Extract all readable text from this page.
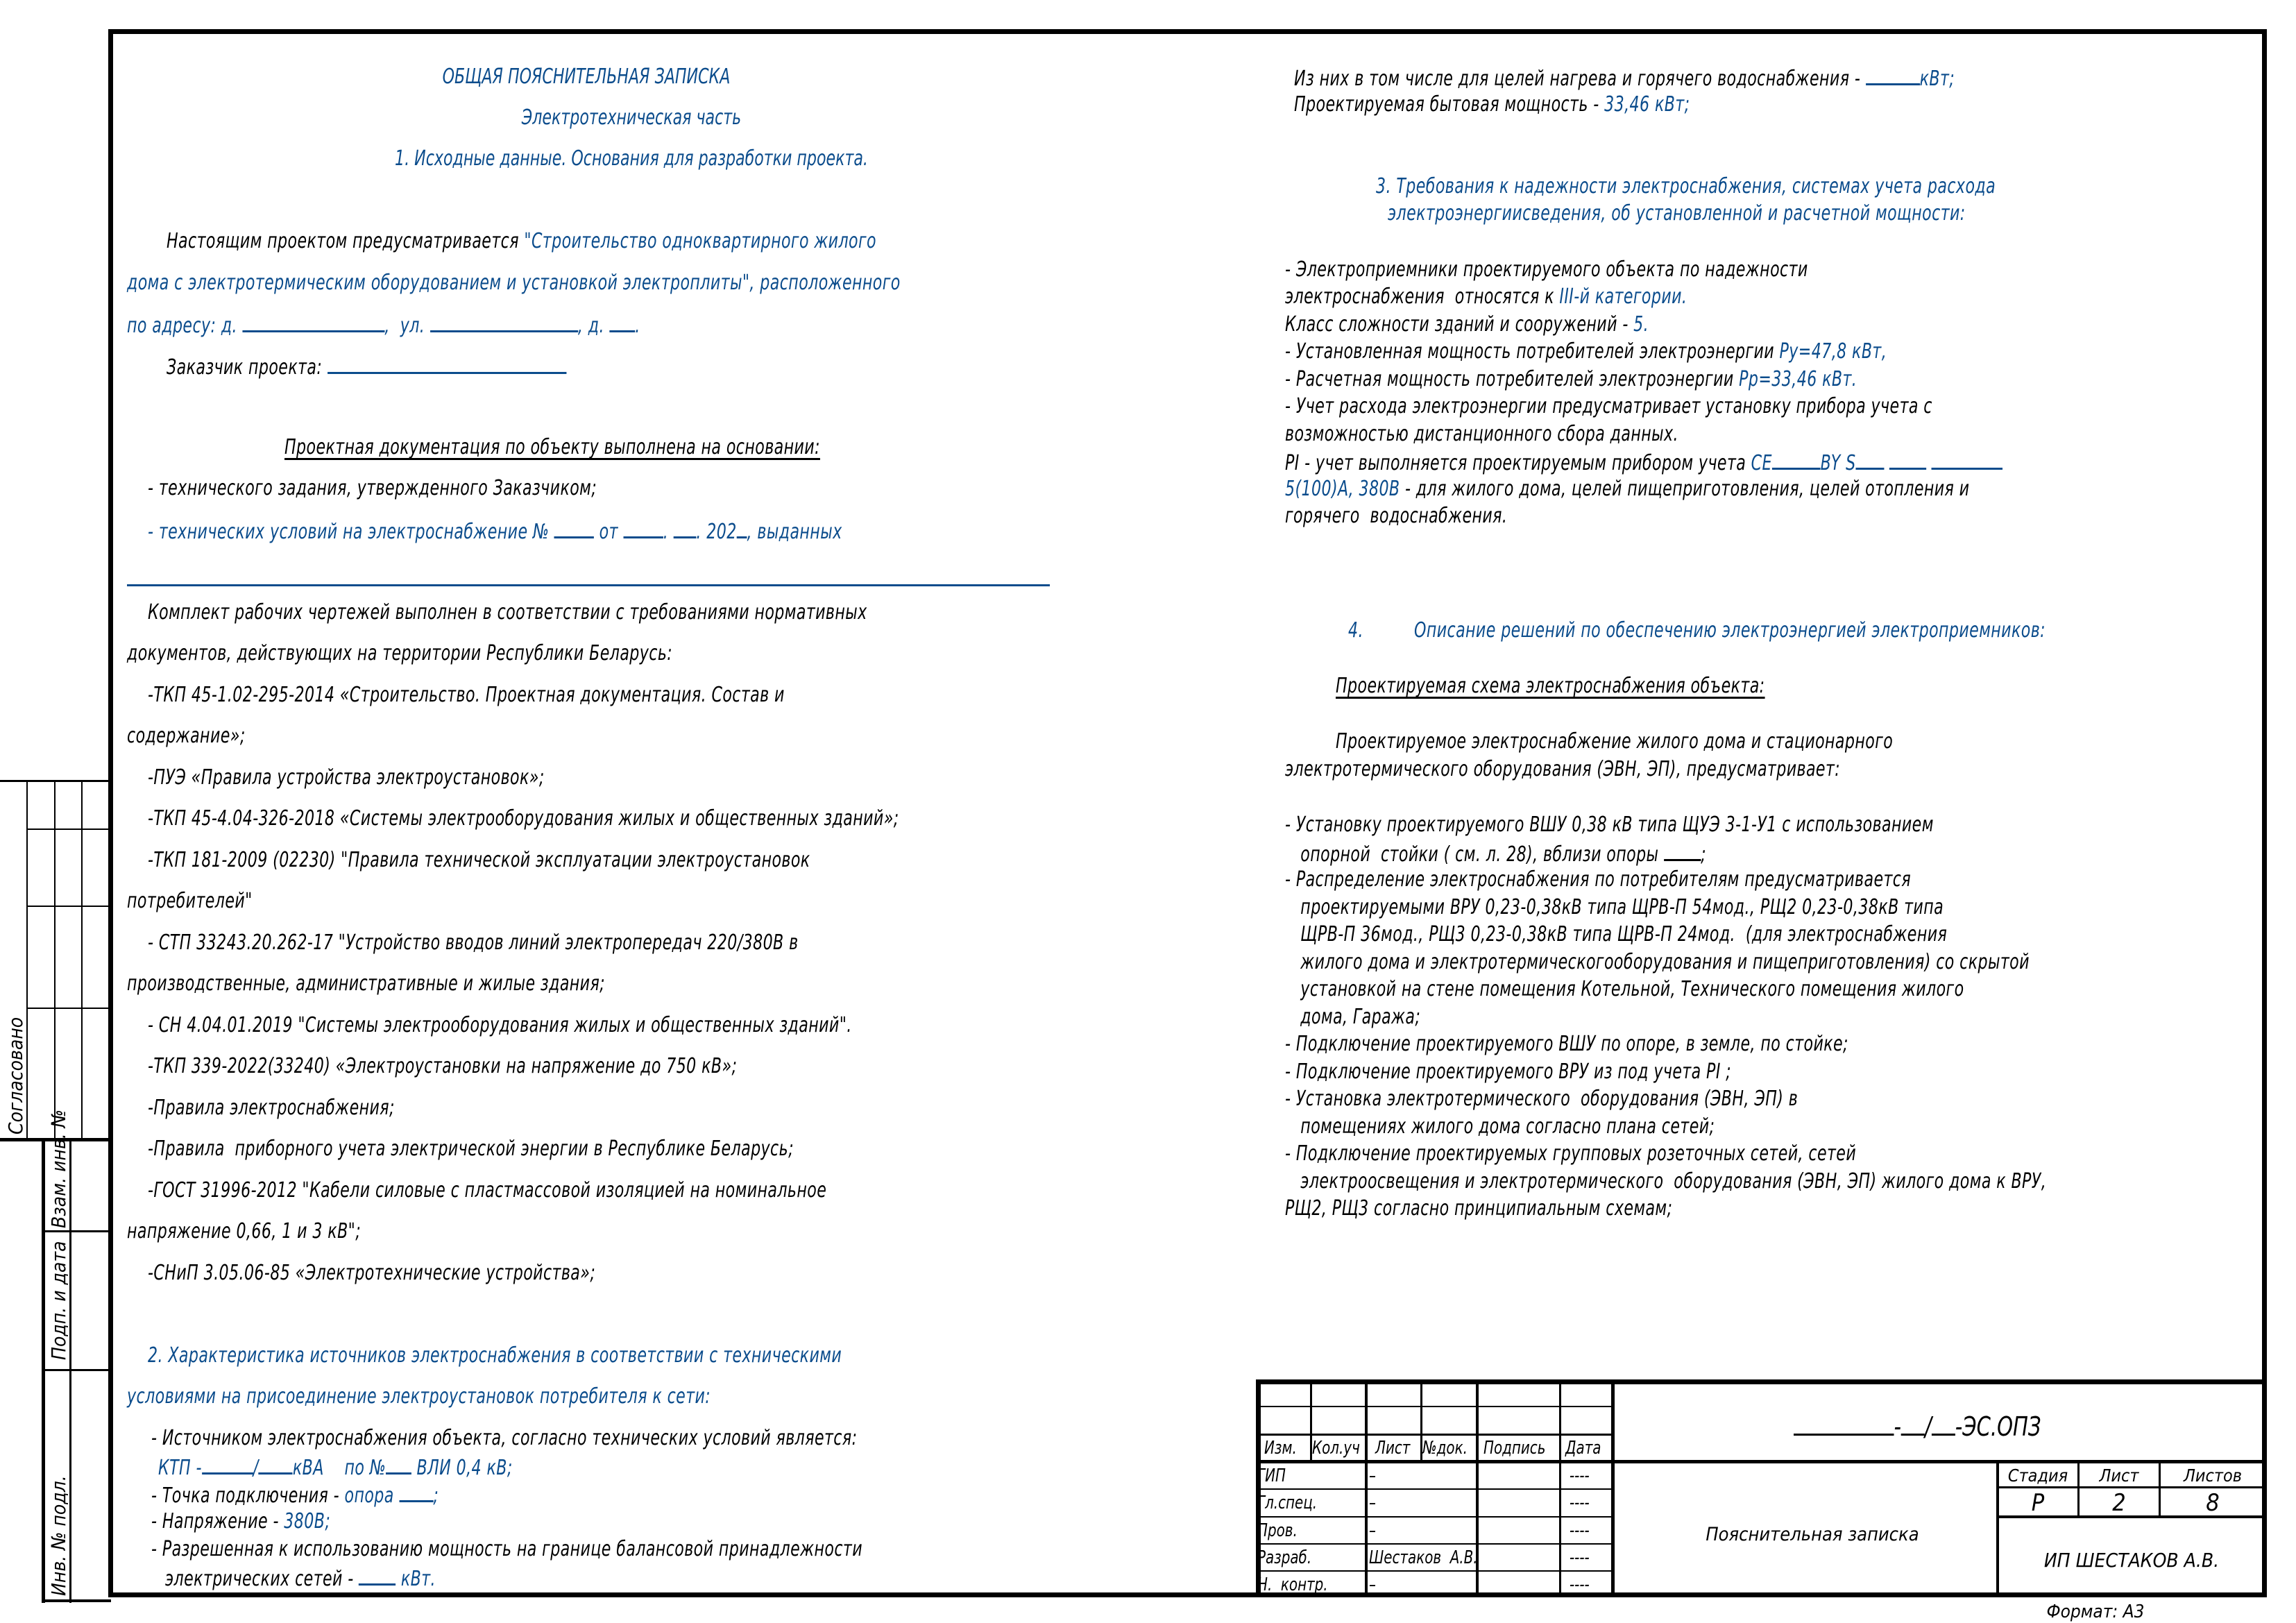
ОБЩАЯ ПОЯСНИТЕЛЬНАЯ ЗАПИСКА
Электротехническая часть
1. Исходные данные. Основания для разработки проекта.
Настоящим проектом предусматривается "Строительство одноквартирного жилого
дома с электротермическим оборудованием и установкой электроплиты", расположенного
по адресу: д.	,  ул.	, д. .
Заказчик проекта:
Проектная документация по объекту выполнена на основании:
- технического задания, утвержденного Заказчиком;
- технических условий на электроснабжение №  от . . 202 , выданных
Комплект рабочих чертежей выполнен в соответствии с требованиями нормативных
документов, действующих на территории Республики Беларусь:
-ТКП 45-1.02-295-2014 «Строительство. Проектная документация. Состав и
содержание»;
-ПУЭ «Правила устройства электроустановок»;
-ТКП 45-4.04-326-2018 «Системы электрооборудования жилых и общественных зданий»;
-ТКП 181-2009 (02230) "Правила технической эксплуатации электроустановок
потребителей"
- СТП 33243.20.262-17 "Устройство вводов линий электропередач 220/380В в
производственные, административные и жилые здания;
- СН 4.04.01.2019 "Системы электрооборудования жилых и общественных зданий".
-ТКП 339-2022(33240) «Электроустановки на напряжение до 750 кВ»;
-Правила электроснабжения;
-Правила  приборного учета электрической энергии в Республике Беларусь;
-ГОСТ 31996-2012 "Кабели силовые с пластмассовой изоляцией на номинальное
напряжение 0,66, 1 и 3 кВ";
-СНиП 3.05.06-85 «Электротехнические устройства»;
2. Характеристика источников электроснабжения в соответствии с техническими
условиями на присоединение электроустановок потребителя к сети:
- Источником электроснабжения объекта, согласно технических условий является:
КТП - / кВА    по № ВЛИ 0,4 кВ;
- Точка подключения - опора ;
- Напряжение - 380В;
- Разрешенная к использованию мощность на границе балансовой принадлежности
электрических сетей -  кВт.
Из них в том числе для целей нагрева и горячего водоснабжения -	кВт;
Проектируемая бытовая мощность - 33,46 кВт;
3. Требования к надежности электроснабжения, системах учета расхода
электроэнергиисведения, об установленной и расчетной мощности:
- Электроприемники проектируемого объекта по надежности
электроснабжения  относятся к III-й категории.
Класс сложности зданий и сооружений - 5.
- Установленная мощность потребителей электроэнергии Ру=47,8 кВт,
- Расчетная мощность потребителей электроэнергии Рр=33,46 кВт.
- Учет расхода электроэнергии предусматривает установку прибора учета с
возможностью дистанционного сбора данных.
PI - учет выполняется проектируемым прибором учета CE BY S
5(100)А, 380В - для жилого дома, целей пищеприготовления, целей отопления и
горячего  водоснабжения.
4. Описание решений по обеспечению электроэнергией электроприемников:
Проектируемая схема электроснабжения объекта:
Проектируемое электроснабжение жилого дома и стационарного
электротермического оборудования (ЭВН, ЭП), предусматривает:
- Установку проектируемого ВШУ 0,38 кВ типа ЩУЭ 3-1-У1 с использованием
опорной  стойки ( см. л. 28), вблизи опоры ;
- Распределение электроснабжения по потребителям предусматривается
проектируемыми ВРУ 0,23-0,38кВ типа ЩРВ-П 54мод., РЩ2 0,23-0,38кВ типа
ЩРВ-П 36мод., РЩ3 0,23-0,38кВ типа ЩРВ-П 24мод.  (для электроснабжения
жилого дома и электротермическогооборудования и пищеприготовления) со скрытой
установкой на стене помещения Котельной, Технического помещения жилого
дома, Гаража;
- Подключение проектируемого ВШУ по опоре, в земле, по стойке;
- Подключение проектируемого ВРУ из под учета PI ;
- Установка электротермического  оборудования (ЭВН, ЭП) в
помещениях жилого дома согласно плана сетей;
- Подключение проектируемых групповых розеточных сетей, сетей
электроосвещения и электротермического  оборудования (ЭВН, ЭП) жилого дома к ВРУ,
РЩ2, РЩ3 согласно принципиальным схемам;
Согласовано
Взам. инв. №
Подп. и дата
Инв. № подл.
Изм. Кол.уч Лист №док. Подпись Дата
ГИП	–	----
Гл.спец.	–	----
Пров.	–	----
Разраб.	Шестаков  А.В.	----
Н.  контр. –	----
- / -ЭС.ОПЗ
Пояснительная записка
Стадия Лист	Листов
Р	2	8
ИП ШЕСТАКОВ А.В.
Формат: А3
